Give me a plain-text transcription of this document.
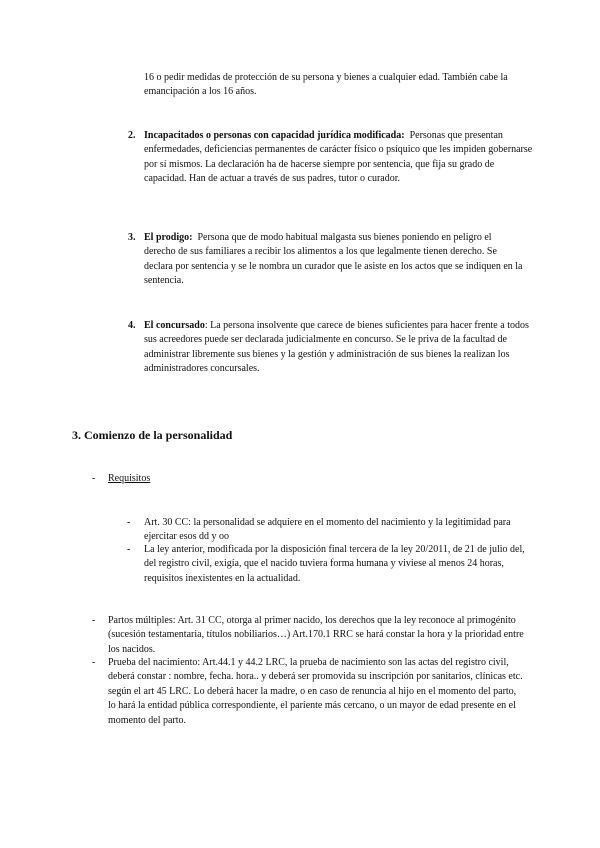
16 o pedir medidas de protección de su persona y bienes a cualquier edad. También cabe la emancipación a los 16 años.
2. Incapacitados o personas con capacidad jurídica modificada: Personas que presentan enfermedades, deficiencias permanentes de carácter físico o psíquico que les impiden gobernarse por sí mismos. La declaración ha de hacerse siempre por sentencia, que fija su grado de capacidad. Han de actuar a través de sus padres, tutor o curador.
3. El prodigo: Persona que de modo habitual malgasta sus bienes poniendo en peligro el derecho de sus familiares a recibir los alimentos a los que legalmente tienen derecho. Se declara por sentencia y se le nombra un curador que le asiste en los actos que se indiquen en la sentencia.
4. El concursado: La persona insolvente que carece de bienes suficientes para hacer frente a todos sus acreedores puede ser declarada judicialmente en concurso. Se le priva de la facultad de administrar libremente sus bienes y la gestión y administración de sus bienes la realizan los administradores concursales.
3. Comienzo de la personalidad
- Requisitos
- Art. 30 CC: la personalidad se adquiere en el momento del nacimiento y la legitimidad para ejercitar esos dd y oo
- La ley anterior, modificada por la disposición final tercera de la ley 20/2011, de 21 de julio del, del registro civil, exigía, que el nacido tuviera forma humana y viviese al menos 24 horas, requisitos inexistentes en la actualidad.
- Partos múltiples: Art. 31 CC, otorga al primer nacido, los derechos que la ley reconoce al primogénito (sucesión testamentaria, títulos nobiliarios…) Art.170.1 RRC se hará constar la hora y la prioridad entre los nacidos.
- Prueba del nacimiento: Art.44.1 y 44.2 LRC, la prueba de nacimiento son las actas del registro civil, deberá constar : nombre, fecha. hora.. y deberá ser promovida su inscripción por sanitarios, clínicas etc. según el art 45 LRC. Lo deberá hacer la madre, o en caso de renuncia al hijo en el momento del parto, lo hará la entidad pública correspondiente, el pariente más cercano, o un mayor de edad presente en el momento del parto.
